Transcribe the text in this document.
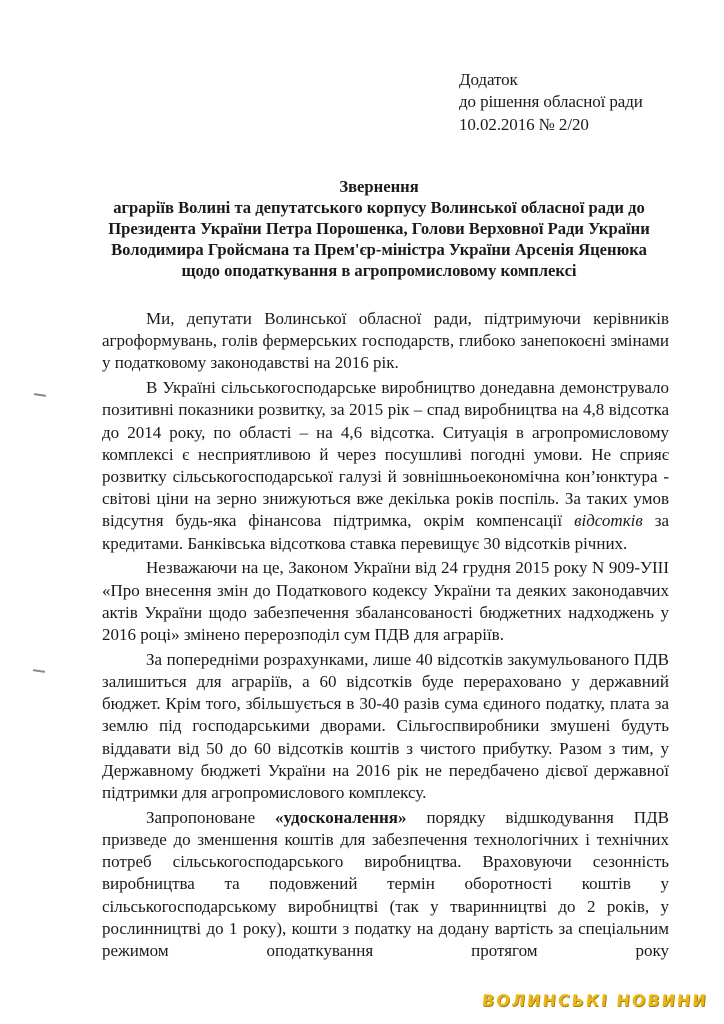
Додаток
до рішення обласної ради
10.02.2016 № 2/20
Звернення
аграріїв Волині та депутатського корпусу Волинської обласної ради до
Президента України Петра Порошенка, Голови Верховної Ради України
Володимира Гройсмана та Прем'єр-міністра України Арсенія Яценюка
щодо оподаткування в агропромисловому комплексі

Ми, депутати Волинської обласної ради, підтримуючи керівників агроформувань, голів фермерських господарств, глибоко занепокоєні змінами у податковому законодавстві на 2016 рік.

В Україні сільськогосподарське виробництво донедавна демонструвало позитивні показники розвитку, за 2015 рік – спад виробництва на 4,8 відсотка до 2014 року, по області – на 4,6 відсотка. Ситуація в агропромисловому комплексі є несприятливою й через посушливі погодні умови. Не сприяє розвитку сільськогосподарської галузі й зовнішньоекономічна кон’юнктура - світові ціни на зерно знижуються вже декілька років поспіль. За таких умов відсутня будь-яка фінансова підтримка, окрім компенсації відсотків за кредитами. Банківська відсоткова ставка перевищує 30 відсотків річних.

Незважаючи на це, Законом України від 24 грудня 2015 року N 909-УІІІ «Про внесення змін до Податкового кодексу України та деяких законодавчих актів України щодо забезпечення збалансованості бюджетних надходжень у 2016 році» змінено перерозподіл сум ПДВ для аграріїв.

За попередніми розрахунками, лише 40 відсотків закумульованого ПДВ залишиться для аграріїв, а 60 відсотків буде перераховано у державний бюджет. Крім того, збільшується в 30-40 разів сума єдиного податку, плата за землю під господарськими дворами. Сільгоспвиробники змушені будуть віддавати від 50 до 60 відсотків коштів з чистого прибутку. Разом з тим, у Державному бюджеті України на 2016 рік не передбачено дієвої державної підтримки для агропромислового комплексу.

Запропоноване «удосконалення» порядку відшкодування ПДВ призведе до зменшення коштів для забезпечення технологічних і технічних потреб сільськогосподарського виробництва. Враховуючи сезонність виробництва та подовжений термін оборотності коштів у сільськогосподарському виробництві (так у тваринництві до 2 років, у рослинництві до 1 року), кошти з податку на додану вартість за спеціальним режимом оподаткування протягом року

ВОЛИНСЬКІ НОВИНИ
